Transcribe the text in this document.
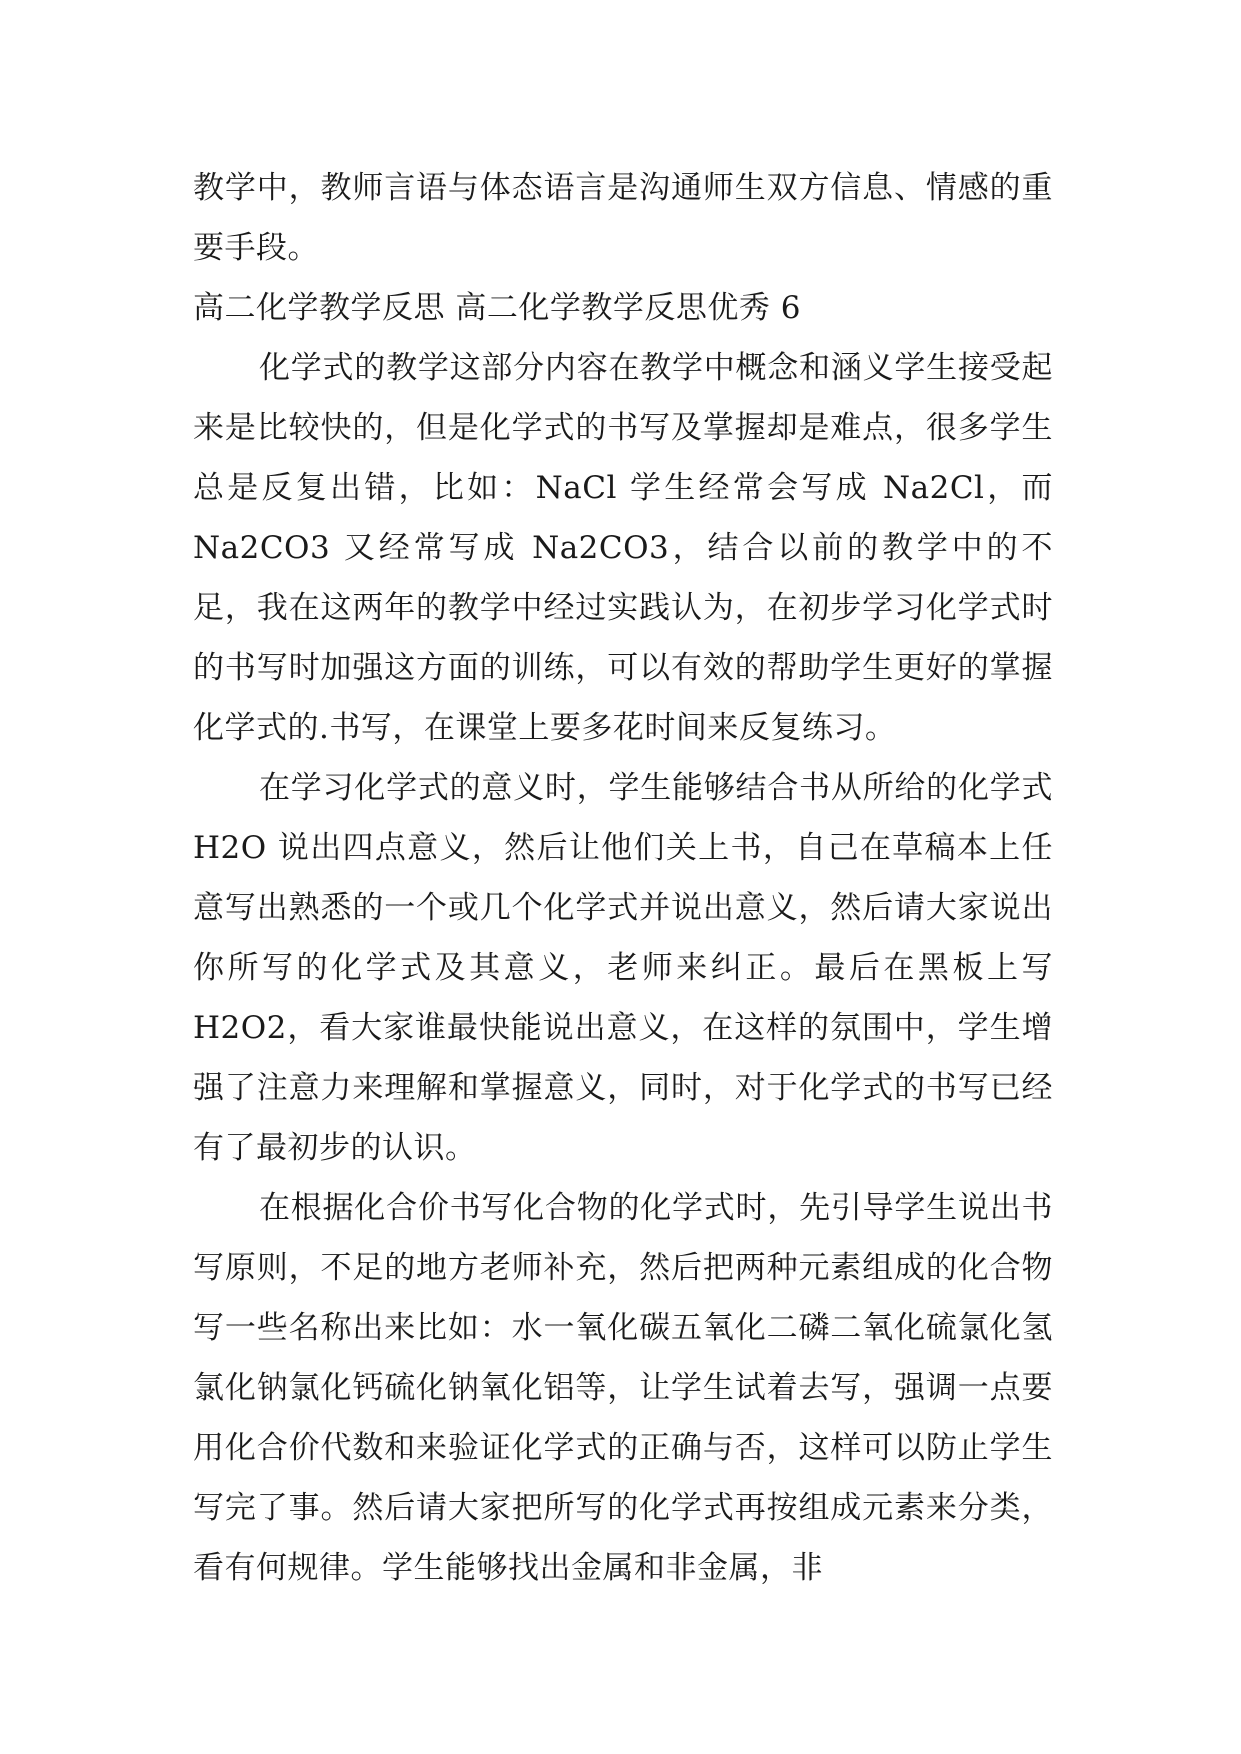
教学中，教师言语与体态语言是沟通师生双方信息、情感的重要手段。

高二化学教学反思 高二化学教学反思优秀 6

化学式的教学这部分内容在教学中概念和涵义学生接受起来是比较快的，但是化学式的书写及掌握却是难点，很多学生总是反复出错，比如：NaCl 学生经常会写成 Na2Cl，而 Na2CO3 又经常写成 Na2CO3，结合以前的教学中的不足，我在这两年的教学中经过实践认为，在初步学习化学式时的书写时加强这方面的训练，可以有效的帮助学生更好的掌握化学式的.书写，在课堂上要多花时间来反复练习。

在学习化学式的意义时，学生能够结合书从所给的化学式 H2O 说出四点意义，然后让他们关上书，自己在草稿本上任意写出熟悉的一个或几个化学式并说出意义，然后请大家说出你所写的化学式及其意义，老师来纠正。最后在黑板上写 H2O2，看大家谁最快能说出意义，在这样的氛围中，学生增强了注意力来理解和掌握意义，同时，对于化学式的书写已经有了最初步的认识。

在根据化合价书写化合物的化学式时，先引导学生说出书写原则，不足的地方老师补充，然后把两种元素组成的化合物写一些名称出来比如：水一氧化碳五氧化二磷二氧化硫氯化氢氯化钠氯化钙硫化钠氧化铝等，让学生试着去写，强调一点要用化合价代数和来验证化学式的正确与否，这样可以防止学生写完了事。然后请大家把所写的化学式再按组成元素来分类，看有何规律。学生能够找出金属和非金属，非
